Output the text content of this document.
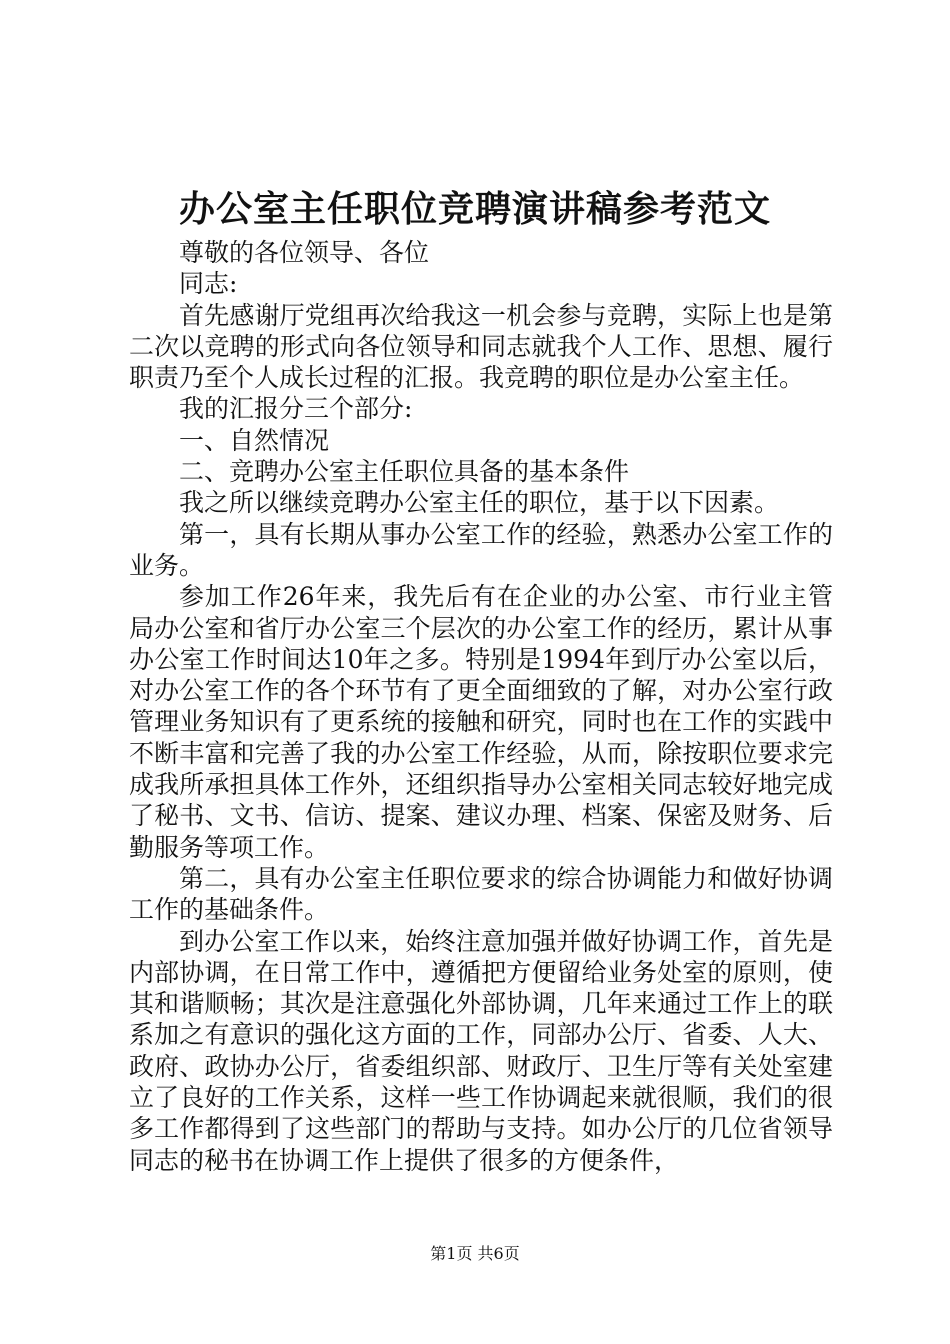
办公室主任职位竞聘演讲稿参考范文

尊敬的各位领导、各位

同志:

首先感谢厅党组再次给我这一机会参与竞聘，实际上也是第二次以竞聘的形式向各位领导和同志就我个人工作、思想、履行职责乃至个人成长过程的汇报。我竞聘的职位是办公室主任。

我的汇报分三个部分:

一、自然情况

二、竞聘办公室主任职位具备的基本条件

我之所以继续竞聘办公室主任的职位，基于以下因素。

第一，具有长期从事办公室工作的经验，熟悉办公室工作的业务。

参加工作26年来，我先后有在企业的办公室、市行业主管局办公室和省厅办公室三个层次的办公室工作的经历，累计从事办公室工作时间达10年之多。特别是1994年到厅办公室以后，对办公室工作的各个环节有了更全面细致的了解，对办公室行政管理业务知识有了更系统的接触和研究，同时也在工作的实践中不断丰富和完善了我的办公室工作经验，从而，除按职位要求完成我所承担具体工作外，还组织指导办公室相关同志较好地完成了秘书、文书、信访、提案、建议办理、档案、保密及财务、后勤服务等项工作。

第二，具有办公室主任职位要求的综合协调能力和做好协调工作的基础条件。

到办公室工作以来，始终注意加强并做好协调工作，首先是内部协调，在日常工作中，遵循把方便留给业务处室的原则，使其和谐顺畅；其次是注意强化外部协调，几年来通过工作上的联系加之有意识的强化这方面的工作，同部办公厅、省委、人大、政府、政协办公厅，省委组织部、财政厅、卫生厅等有关处室建立了良好的工作关系，这样一些工作协调起来就很顺，我们的很多工作都得到了这些部门的帮助与支持。如办公厅的几位省领导同志的秘书在协调工作上提供了很多的方便条件，

第1页 共6页
